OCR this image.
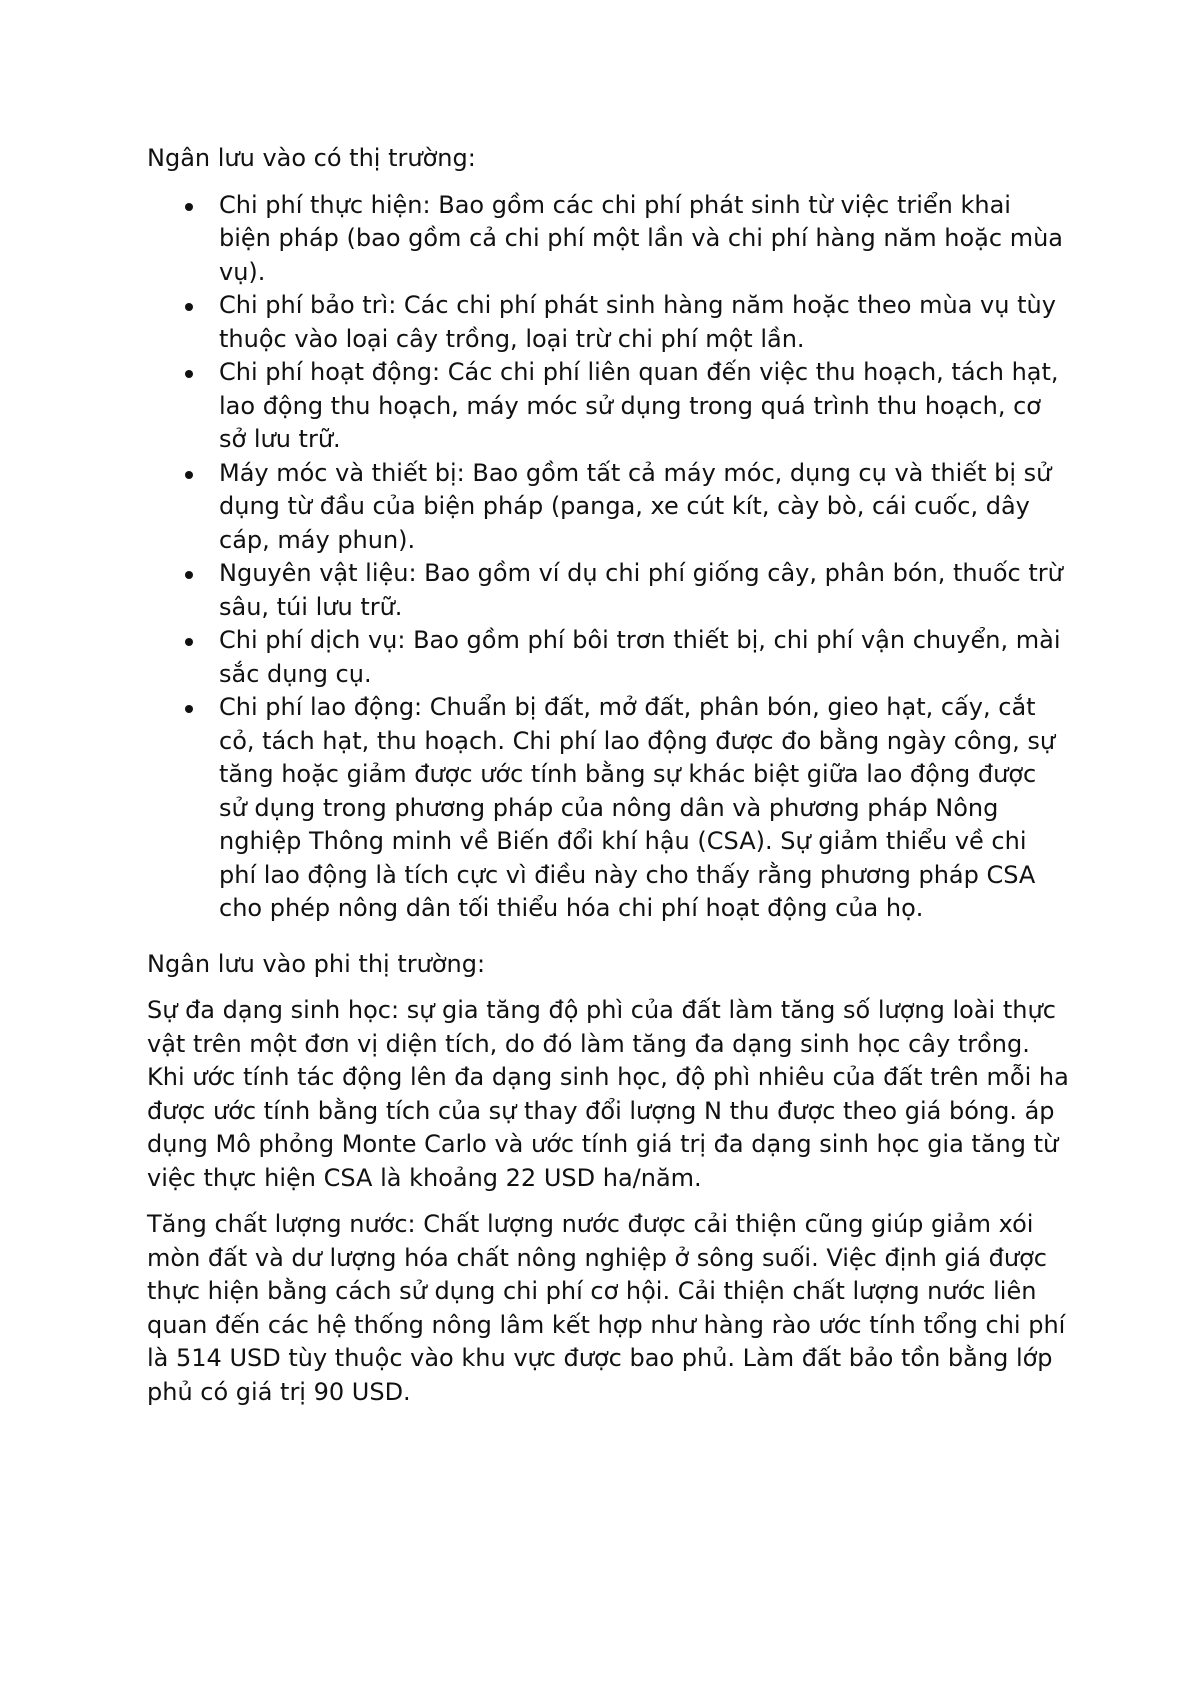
Ngân lưu vào có thị trường:

Chi phí thực hiện: Bao gồm các chi phí phát sinh từ việc triển khai biện pháp (bao gồm cả chi phí một lần và chi phí hàng năm hoặc mùa vụ).
Chi phí bảo trì: Các chi phí phát sinh hàng năm hoặc theo mùa vụ tùy thuộc vào loại cây trồng, loại trừ chi phí một lần.
Chi phí hoạt động: Các chi phí liên quan đến việc thu hoạch, tách hạt, lao động thu hoạch, máy móc sử dụng trong quá trình thu hoạch, cơ sở lưu trữ.
Máy móc và thiết bị: Bao gồm tất cả máy móc, dụng cụ và thiết bị sử dụng từ đầu của biện pháp (panga, xe cút kít, cày bò, cái cuốc, dây cáp, máy phun).
Nguyên vật liệu: Bao gồm ví dụ chi phí giống cây, phân bón, thuốc trừ sâu, túi lưu trữ.
Chi phí dịch vụ: Bao gồm phí bôi trơn thiết bị, chi phí vận chuyển, mài sắc dụng cụ.
Chi phí lao động: Chuẩn bị đất, mở đất, phân bón, gieo hạt, cấy, cắt cỏ, tách hạt, thu hoạch. Chi phí lao động được đo bằng ngày công, sự tăng hoặc giảm được ước tính bằng sự khác biệt giữa lao động được sử dụng trong phương pháp của nông dân và phương pháp Nông nghiệp Thông minh về Biến đổi khí hậu (CSA). Sự giảm thiểu về chi phí lao động là tích cực vì điều này cho thấy rằng phương pháp CSA cho phép nông dân tối thiểu hóa chi phí hoạt động của họ.

Ngân lưu vào phi thị trường:

Sự đa dạng sinh học: sự gia tăng độ phì của đất làm tăng số lượng loài thực vật trên một đơn vị diện tích, do đó làm tăng đa dạng sinh học cây trồng. Khi ước tính tác động lên đa dạng sinh học, độ phì nhiêu của đất trên mỗi ha được ước tính bằng tích của sự thay đổi lượng N thu được theo giá bóng. áp dụng Mô phỏng Monte Carlo và ước tính giá trị đa dạng sinh học gia tăng từ việc thực hiện CSA là khoảng 22 USD ha/năm.

Tăng chất lượng nước: Chất lượng nước được cải thiện cũng giúp giảm xói mòn đất và dư lượng hóa chất nông nghiệp ở sông suối. Việc định giá được thực hiện bằng cách sử dụng chi phí cơ hội. Cải thiện chất lượng nước liên quan đến các hệ thống nông lâm kết hợp như hàng rào ước tính tổng chi phí là 514 USD tùy thuộc vào khu vực được bao phủ. Làm đất bảo tồn bằng lớp phủ có giá trị 90 USD.
